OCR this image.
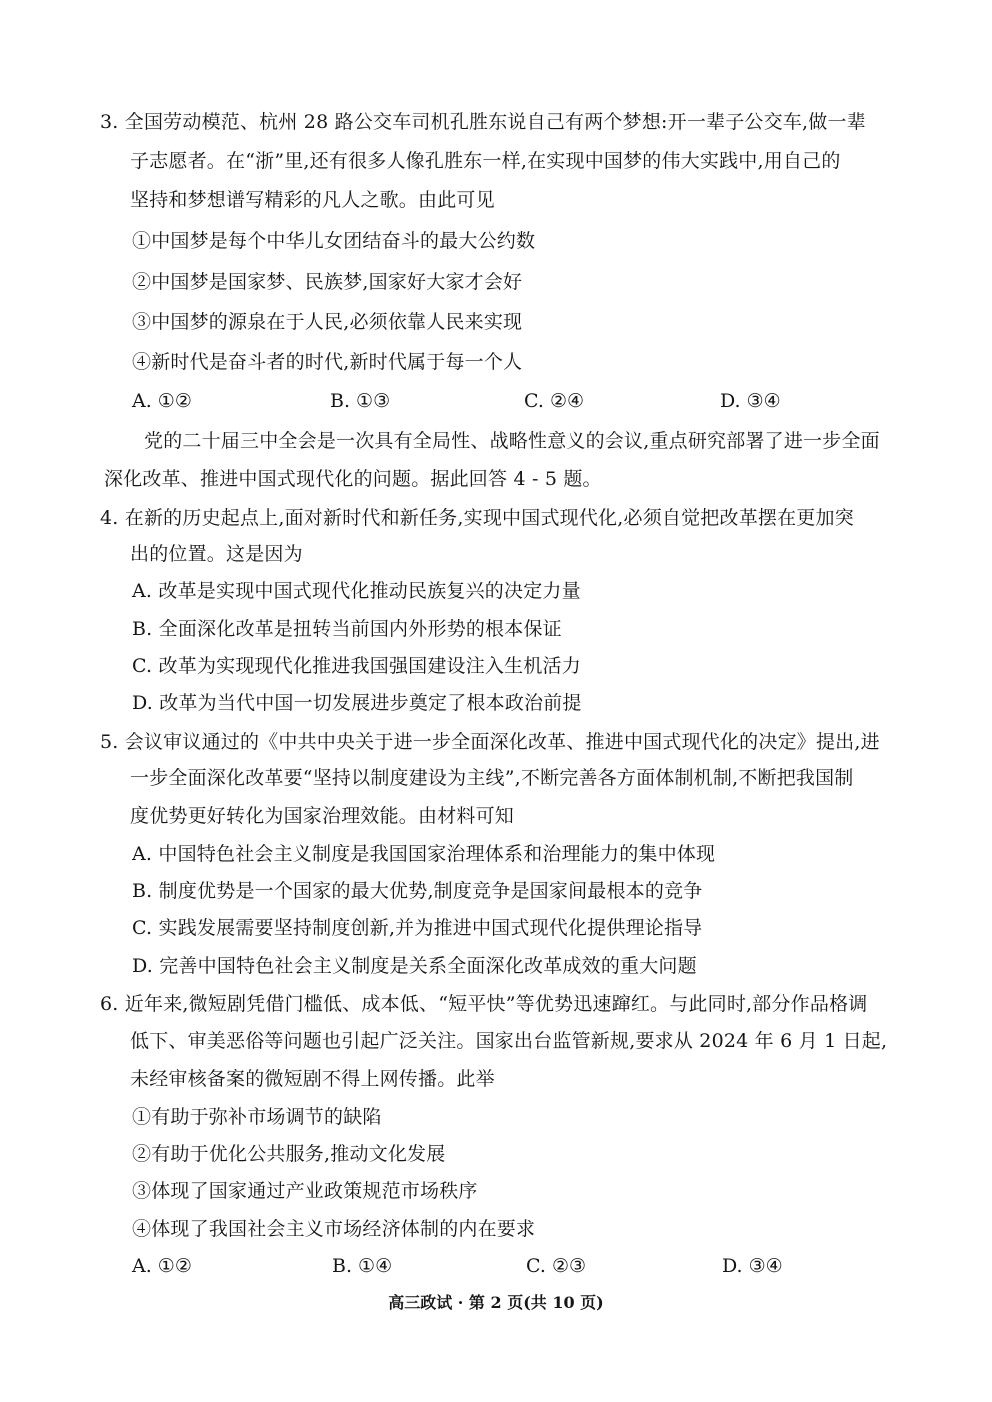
3. 全国劳动模范、杭州 28 路公交车司机孔胜东说自己有两个梦想:开一辈子公交车,做一辈
子志愿者。在“浙”里,还有很多人像孔胜东一样,在实现中国梦的伟大实践中,用自己的
坚持和梦想谱写精彩的凡人之歌。由此可见
①中国梦是每个中华儿女团结奋斗的最大公约数
②中国梦是国家梦、民族梦,国家好大家才会好
③中国梦的源泉在于人民,必须依靠人民来实现
④新时代是奋斗者的时代,新时代属于每一个人
A. ①②	B. ①③	C. ②④	D. ③④
党的二十届三中全会是一次具有全局性、战略性意义的会议,重点研究部署了进一步全面
深化改革、推进中国式现代化的问题。据此回答 4 - 5 题。
4. 在新的历史起点上,面对新时代和新任务,实现中国式现代化,必须自觉把改革摆在更加突
出的位置。这是因为
A. 改革是实现中国式现代化推动民族复兴的决定力量
B. 全面深化改革是扭转当前国内外形势的根本保证
C. 改革为实现现代化推进我国强国建设注入生机活力
D. 改革为当代中国一切发展进步奠定了根本政治前提
5. 会议审议通过的《中共中央关于进一步全面深化改革、推进中国式现代化的决定》提出,进
一步全面深化改革要“坚持以制度建设为主线”,不断完善各方面体制机制,不断把我国制
度优势更好转化为国家治理效能。由材料可知
A. 中国特色社会主义制度是我国国家治理体系和治理能力的集中体现
B. 制度优势是一个国家的最大优势,制度竞争是国家间最根本的竞争
C. 实践发展需要坚持制度创新,并为推进中国式现代化提供理论指导
D. 完善中国特色社会主义制度是关系全面深化改革成效的重大问题
6. 近年来,微短剧凭借门槛低、成本低、“短平快”等优势迅速蹿红。与此同时,部分作品格调
低下、审美恶俗等问题也引起广泛关注。国家出台监管新规,要求从 2024 年 6 月 1 日起,
未经审核备案的微短剧不得上网传播。此举
①有助于弥补市场调节的缺陷
②有助于优化公共服务,推动文化发展
③体现了国家通过产业政策规范市场秩序
④体现了我国社会主义市场经济体制的内在要求
A. ①②	B. ①④	C. ②③	D. ③④
高三政试 · 第 2 页(共 10 页)
